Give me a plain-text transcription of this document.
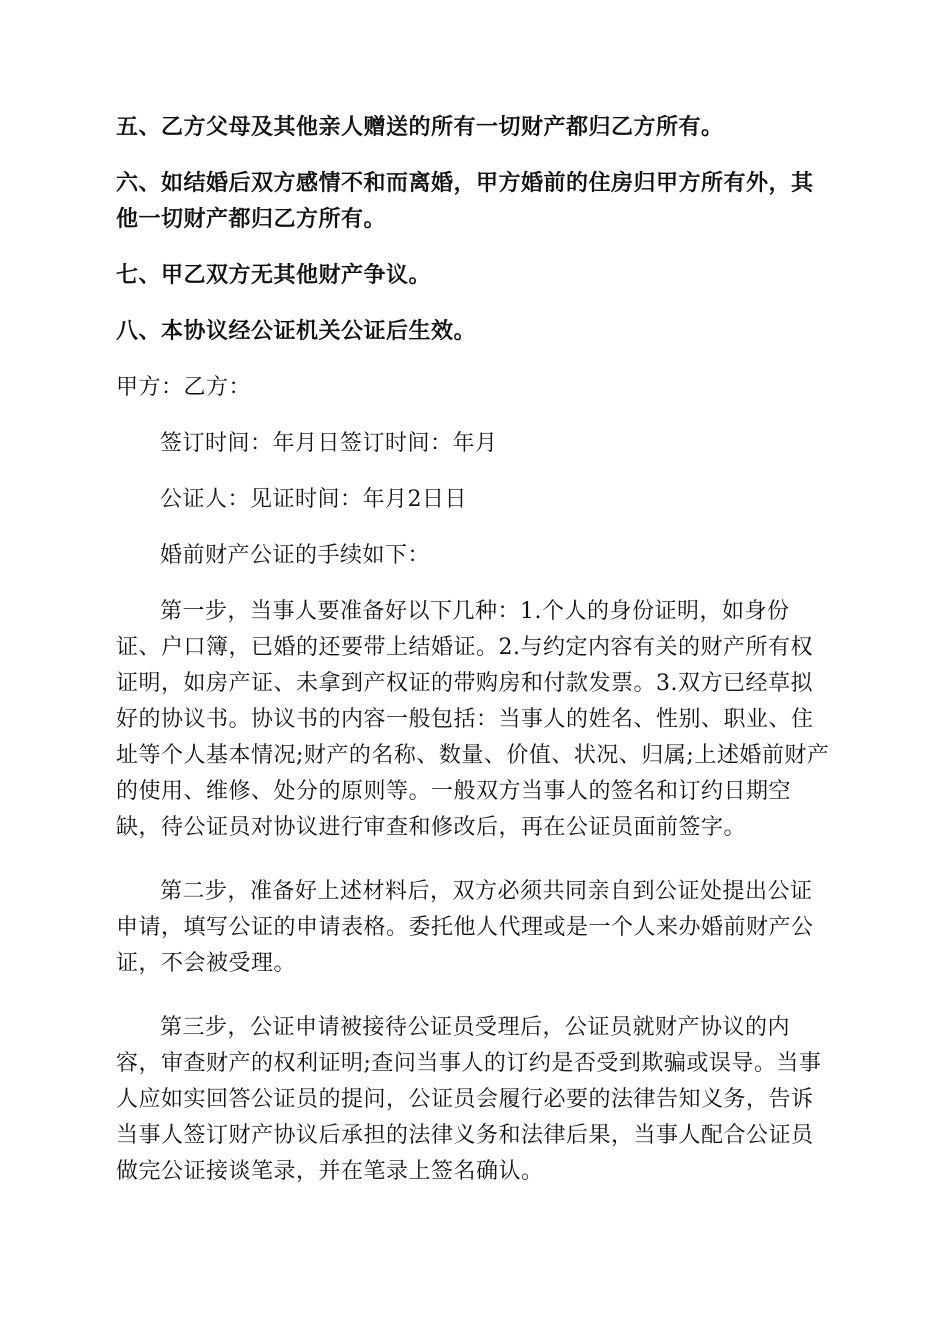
五、乙方父母及其他亲人赠送的所有一切财产都归乙方所有。

六、如结婚后双方感情不和而离婚，甲方婚前的住房归甲方所有外，其他一切财产都归乙方所有。

七、甲乙双方无其他财产争议。

八、本协议经公证机关公证后生效。

甲方：乙方：

签订时间：年月日签订时间：年月

公证人：见证时间：年月2日日

婚前财产公证的手续如下：

第一步，当事人要准备好以下几种：1.个人的身份证明，如身份证、户口簿，已婚的还要带上结婚证。2.与约定内容有关的财产所有权证明，如房产证、未拿到产权证的带购房和付款发票。3.双方已经草拟好的协议书。协议书的内容一般包括：当事人的姓名、性别、职业、住址等个人基本情况;财产的名称、数量、价值、状况、归属;上述婚前财产的使用、维修、处分的原则等。一般双方当事人的签名和订约日期空缺，待公证员对协议进行审查和修改后，再在公证员面前签字。

第二步，准备好上述材料后，双方必须共同亲自到公证处提出公证申请，填写公证的申请表格。委托他人代理或是一个人来办婚前财产公证，不会被受理。

第三步，公证申请被接待公证员受理后，公证员就财产协议的内容，审查财产的权利证明;查问当事人的订约是否受到欺骗或误导。当事人应如实回答公证员的提问，公证员会履行必要的法律告知义务，告诉当事人签订财产协议后承担的法律义务和法律后果，当事人配合公证员做完公证接谈笔录，并在笔录上签名确认。
